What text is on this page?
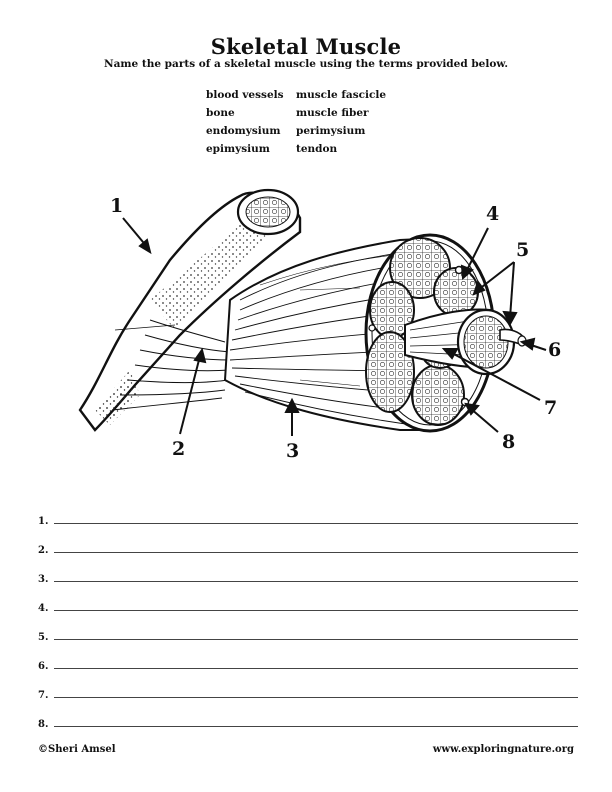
Skeletal Muscle
Name the parts of a skeletal muscle using the terms provided below.
blood vessels	muscle fascicle
bone	muscle fiber
endomysium	perimysium
epimysium	tendon
1
2	3
4
5
6
7
8
1.
2.
3.
4.
5.
6.
7.
8.
©Sheri Amsel	www.exploringnature.org
